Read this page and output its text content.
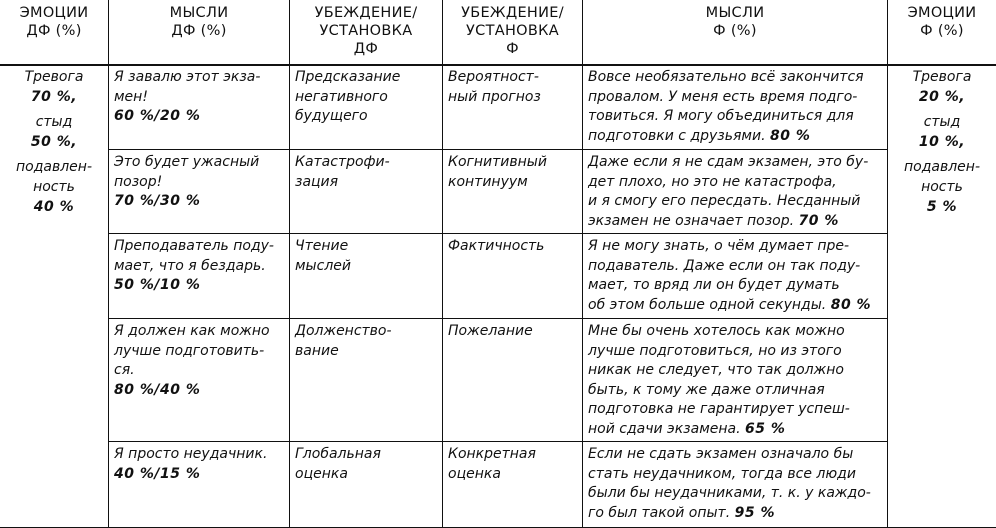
ЭМОЦИИ
ДФ (%)
МЫСЛИ
ДФ (%)
УБЕЖДЕНИЕ/
УСТАНОВКА
ДФ
УБЕЖДЕНИЕ/
УСТАНОВКА
Ф
МЫСЛИ
Ф (%)
ЭМОЦИИ
Ф (%)
Тревога
70 %,
стыд
50 %,
подавлен-
ность
40 %
Тревога
20 %,
стыд
10 %,
подавлен-
ность
5 %
Я завалю этот экза-
мен!
60 %/20 %
Предсказание
негативного
будущего
Вероятност-
ный прогноз
Вовсе необязательно всё закончится
провалом. У меня есть время подго-
товиться. Я могу объединиться для
подготовки с друзьями. 80 %
Это будет ужасный
позор!
70 %/30 %
Катастрофи-
зация
Когнитивный
континуум
Даже если я не сдам экзамен, это бу-
дет плохо, но это не катастрофа,
и я смогу его пересдать. Несданный
экзамен не означает позор. 70 %
Преподаватель поду-
мает, что я бездарь.
50 %/10 %
Чтение
мыслей
Фактичность	Я не могу знать, о чём думает пре-
подаватель. Даже если он так поду-
мает, то вряд ли он будет думать
об этом больше одной секунды. 80 %
Я должен как можно
лучше подготовить-
ся.
80 %/40 %
Долженство-
вание
Пожелание	Мне бы очень хотелось как можно
лучше подготовиться, но из этого
никак не следует, что так должно
быть, к тому же даже отличная
подготовка не гарантирует успеш-
ной сдачи экзамена. 65 %
Я просто неудачник.
40 %/15 %
Глобальная
оценка
Конкретная
оценка
Если не сдать экзамен означало бы
стать неудачником, тогда все люди
были бы неудачниками, т. к. у каждо-
го был такой опыт. 95 %
